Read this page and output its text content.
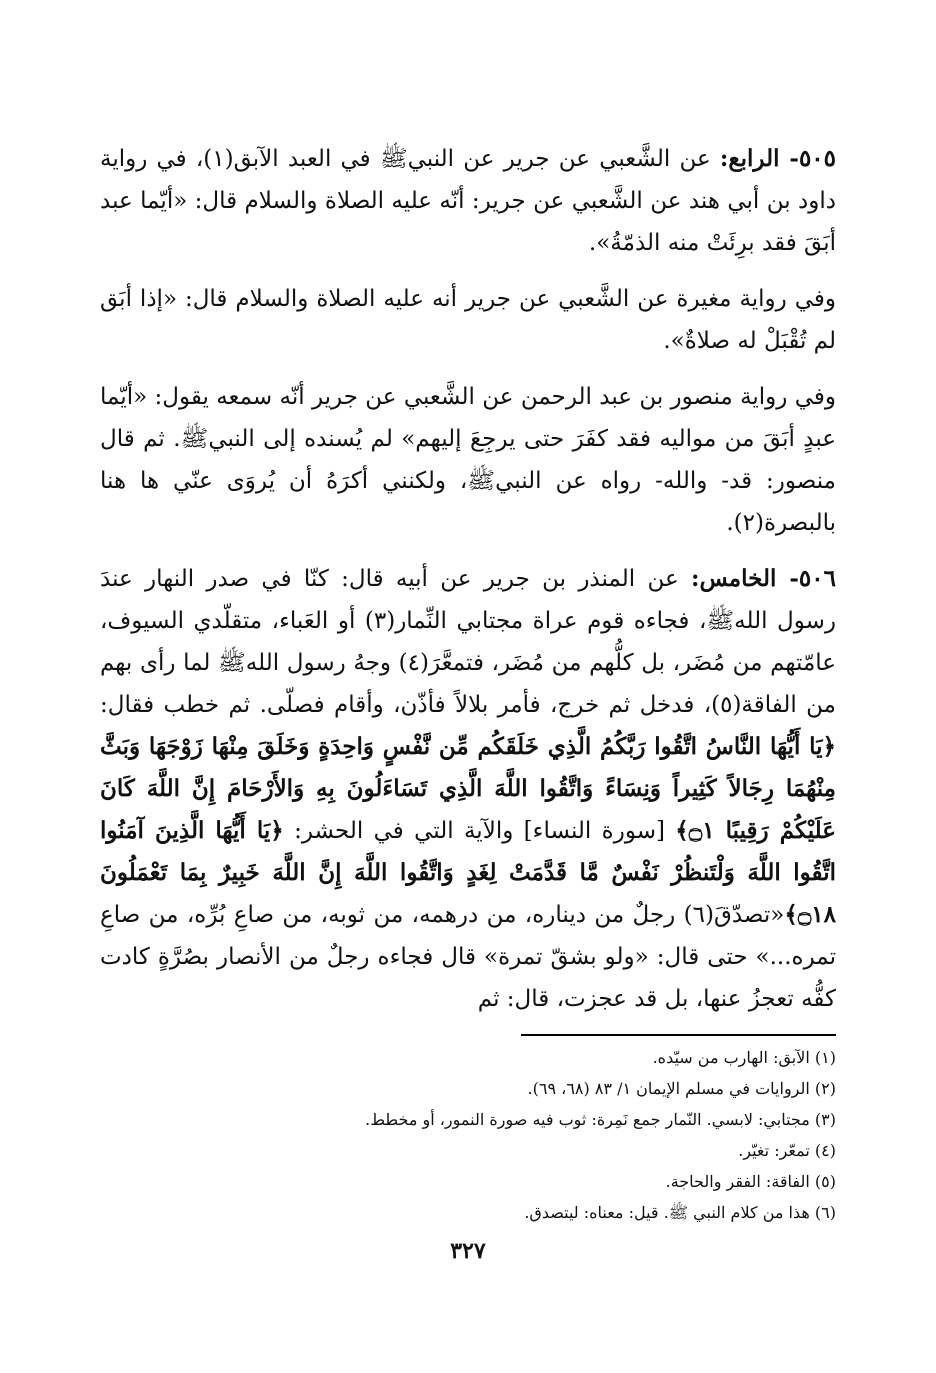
٥٠٥- الرابع: عن الشَّعبي عن جرير عن النبيﷺ في العبد الآبق(١)، في رواية داود بن أبي هند عن الشَّعبي عن جرير: أنّه عليه الصلاة والسلام قال: «أيّما عبد أبَقَ فقد برِئَتْ منه الذمّةُ».

وفي رواية مغيرة عن الشَّعبي عن جرير أنه عليه الصلاة والسلام قال: «إذا أبَق لم تُقْبَلْ له صلاةٌ».

وفي رواية منصور بن عبد الرحمن عن الشَّعبي عن جرير أنّه سمعه يقول: «أيّما عبدٍ أبَقَ من مواليه فقد كفَرَ حتى يرجِعَ إليهم» لم يُسنده إلى النبيﷺ. ثم قال منصور: قد- والله- رواه عن النبيﷺ، ولكنني أكرَهُ أن يُروَى عنّي ها هنا بالبصرة(٢).

٥٠٦- الخامس: عن المنذر بن جرير عن أبيه قال: كنّا في صدر النهار عندَ رسول اللهﷺ، فجاءه قوم عراة مجتابي النِّمار(٣) أو العَباء، متقلّدي السيوف، عامّتهم من مُضَر، بل كلُّهم من مُضَر، فتمعَّرَ(٤) وجهُ رسول اللهﷺ لما رأى بهم من الفاقة(٥)، فدخل ثم خرج، فأمر بلالاً فأذّن، وأقام فصلّى. ثم خطب فقال: ﴿يَا أَيُّهَا النَّاسُ اتَّقُوا رَبَّكُمُ الَّذِي خَلَقَكُم مِّن نَّفْسٍ وَاحِدَةٍ وَخَلَقَ مِنْهَا زَوْجَهَا وَبَثَّ مِنْهُمَا رِجَالاً كَثِيراً وَنِسَاءً وَاتَّقُوا اللَّهَ الَّذِي تَسَاءَلُونَ بِهِ وَالأَرْحَامَ إِنَّ اللَّهَ كَانَ عَلَيْكُمْ رَقِيبًا ۝١﴾ [سورة النساء] والآية التي في الحشر: ﴿يَا أَيُّهَا الَّذِينَ آمَنُوا اتَّقُوا اللَّهَ وَلْتَنظُرْ نَفْسٌ مَّا قَدَّمَتْ لِغَدٍ وَاتَّقُوا اللَّهَ إِنَّ اللَّهَ خَبِيرٌ بِمَا تَعْمَلُونَ ۝١٨﴾«تصدّقَ(٦) رجلٌ من ديناره، من درهمه، من ثوبه، من صاعِ بُرِّه، من صاعِ تمره...» حتى قال: «ولو بشقّ تمرة» قال فجاءه رجلٌ من الأنصار بصُرَّةٍ كادت كفُّه تعجزُ عنها، بل قد عجزت، قال: ثم

(١) الآبق: الهارب من سيّده.
(٢) الروايات في مسلم الإيمان ١/ ٨٣ (٦٨، ٦٩).
(٣) مجتابي: لابسي. النّمار جمع نَمِرة: ثوب فيه صورة النمور، أو مخطط.
(٤) تمعّر: تغيّر.
(٥) الفاقة: الفقر والحاجة.
(٦) هذا من كلام النبي ﷺ. قيل: معناه: ليتصدق.
٣٢٧
